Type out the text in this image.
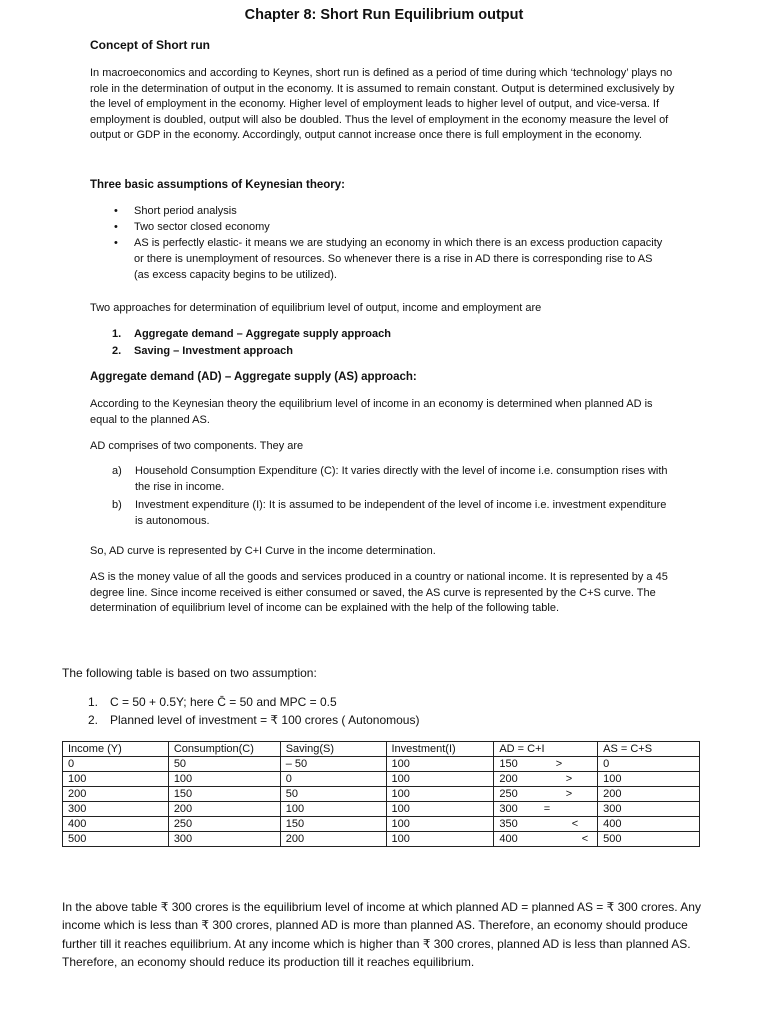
Chapter 8: Short Run Equilibrium output
Concept of Short run
In macroeconomics and according to Keynes, short run is defined as a period of time during which ‘technology’ plays no role in the determination of output in the economy. It is assumed to remain constant. Output is determined exclusively by the level of employment in the economy. Higher level of employment leads to higher level of output, and vice-versa. If employment is doubled, output will also be doubled. Thus the level of employment in the economy measure the level of output or GDP in the economy. Accordingly, output cannot increase once there is full employment in the economy.
Three basic assumptions of Keynesian theory:
• Short period analysis
• Two sector closed economy
• AS is perfectly elastic- it means we are studying an economy in which there is an excess production capacity or there is unemployment of resources. So whenever there is a rise in AD there is corresponding rise to AS (as excess capacity begins to be utilized).
Two approaches for determination of equilibrium level of output, income and employment are
1. Aggregate demand – Aggregate supply approach
2. Saving – Investment approach
Aggregate demand (AD) – Aggregate supply (AS) approach:
According to the Keynesian theory the equilibrium level of income in an economy is determined when planned AD is equal to the planned AS.
AD comprises of two components. They are
a) Household Consumption Expenditure (C): It varies directly with the level of income i.e. consumption rises with the rise in income.
b) Investment expenditure (I): It is assumed to be independent of the level of income i.e. investment expenditure is autonomous.
So, AD curve is represented by C+I Curve in the income determination.
AS is the money value of all the goods and services produced in a country or national income. It is represented by a 45 degree line. Since income received is either consumed or saved, the AS curve is represented by the C+S curve. The determination of equilibrium level of income can be explained with the help of the following table.
The following table is based on two assumption:
1. C = 50 + 0.5Y; here C̄ = 50 and MPC = 0.5
2. Planned level of investment = ₹ 100 crores ( Autonomous)
Income (Y)	Consumption(C)	Saving(S)	Investment(I)	AD = C+I	AS = C+S
0	50	– 50	100	150 >	0
100	100	0	100	200 >	100
200	150	50	100	250 >	200
300	200	100	100	300 =	300
400	250	150	100	350 <	400
500	300	200	100	400 <	500
In the above table ₹ 300 crores is the equilibrium level of income at which planned AD = planned AS = ₹ 300 crores. Any income which is less than ₹ 300 crores, planned AD is more than planned AS. Therefore, an economy should produce further till it reaches equilibrium. At any income which is higher than ₹ 300 crores, planned AD is less than planned AS. Therefore, an economy should reduce its production till it reaches equilibrium.
